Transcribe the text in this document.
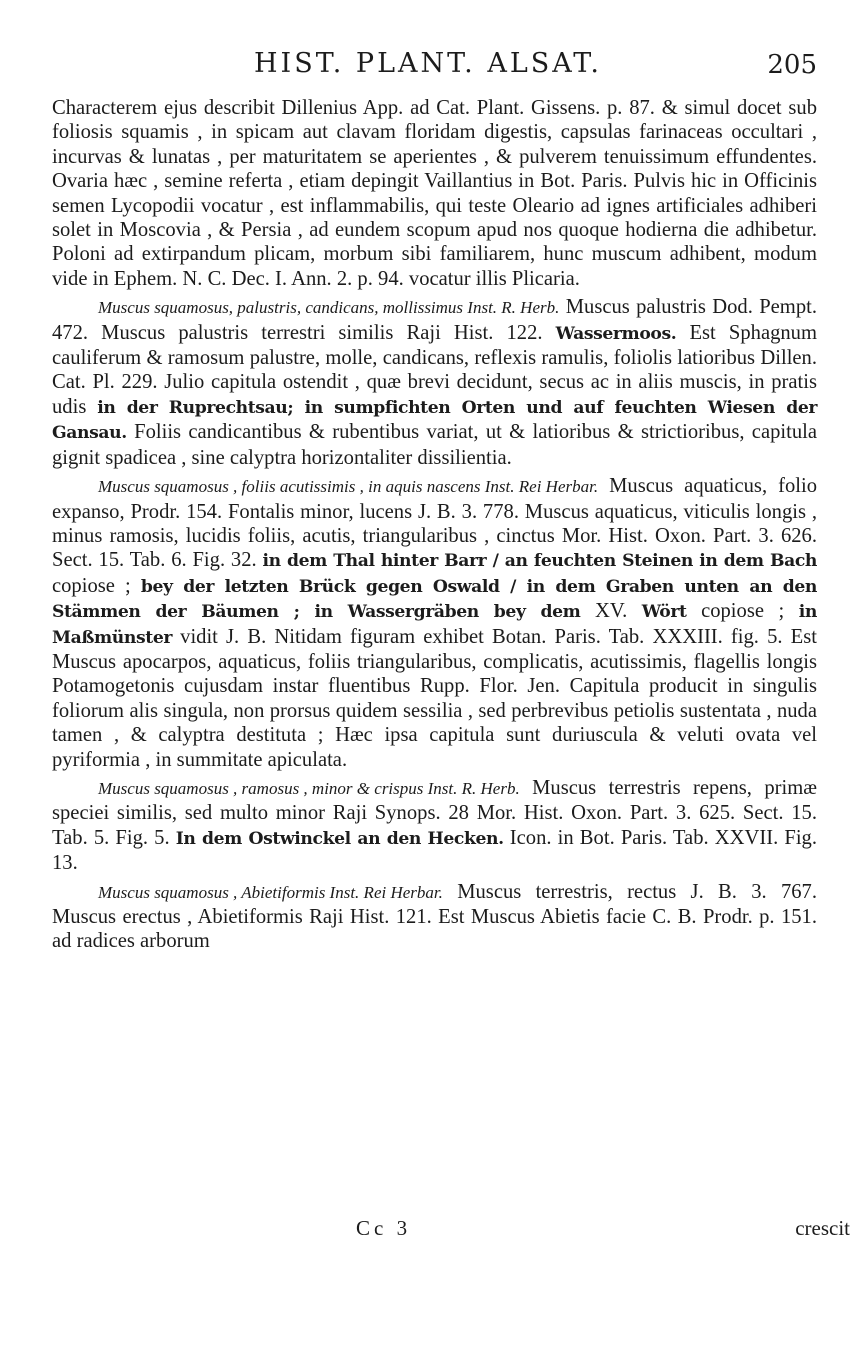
HIST. PLANT. ALSAT.	205

Characterem ejus describit Dillenius App. ad Cat. Plant. Gissens. p. 87. & simul docet sub foliosis squamis , in spicam aut clavam floridam digestis, capsulas farinaceas occultari , incurvas & lunatas , per maturitatem se aperientes , & pulverem tenuissimum effundentes. Ovaria hæc , semine referta , etiam depingit Vaillantius in Bot. Paris. Pulvis hic in Officinis semen Lycopodii vocatur , est inflammabilis, qui teste Oleario ad ignes artificiales adhiberi solet in Moscovia , & Persia , ad eundem scopum apud nos quoque hodierna die adhibetur. Poloni ad extirpandum plicam, morbum sibi familiarem, hunc muscum adhibent, modum vide in Ephem. N. C. Dec. I. Ann. 2. p. 94. vocatur illis Plicaria.

Muscus squamosus, palustris, candicans, mollissimus Inst. R. Herb. Muscus palustris Dod. Pempt. 472. Muscus palustris terrestri similis Raji Hist. 122. Wassermoos. Est Sphagnum cauliferum & ramosum palustre, molle, candicans, reflexis ramulis, foliolis latioribus Dillen. Cat. Pl. 229. Julio capitula ostendit , quæ brevi decidunt, secus ac in aliis muscis, in pratis udis in der Ruprechtsau; in sumpfichten Orten und auf feuchten Wiesen der Gansau. Foliis candicantibus & rubentibus variat, ut & latioribus & strictioribus, capitula gignit spadicea , sine calyptra horizontaliter dissilientia.

Muscus squamosus , foliis acutissimis , in aquis nascens Inst. Rei Herbar. Muscus aquaticus, folio expanso, Prodr. 154. Fontalis minor, lucens J. B. 3. 778. Muscus aquaticus, viticulis longis , minus ramosis, lucidis foliis, acutis, triangularibus , cinctus Mor. Hist. Oxon. Part. 3. 626. Sect. 15. Tab. 6. Fig. 32. in dem Thal hinter Barr / an feuchten Steinen in dem Bach copiose ; bey der letzten Brück gegen Oswald / in dem Graben unten an den Stämmen der Bäumen ; in Wassergräben bey dem XV. Wört copiose ; in Maßmünster vidit J. B. Nitidam figuram exhibet Botan. Paris. Tab. XXXIII. fig. 5. Est Muscus apocarpos, aquaticus, foliis triangularibus, complicatis, acutissimis, flagellis longis Potamogetonis cujusdam instar fluentibus Rupp. Flor. Jen. Capitula producit in singulis foliorum alis singula, non prorsus quidem sessilia , sed perbrevibus petiolis sustentata , nuda tamen , & calyptra destituta ; Hæc ipsa capitula sunt duriuscula & veluti ovata vel pyriformia , in summitate apiculata.

Muscus squamosus , ramosus , minor & crispus Inst. R. Herb. Muscus terrestris repens, primæ speciei similis, sed multo minor Raji Synops. 28 Mor. Hist. Oxon. Part. 3. 625. Sect. 15. Tab. 5. Fig. 5. In dem Ostwinckel an den Hecken. Icon. in Bot. Paris. Tab. XXVII. Fig. 13.

Muscus squamosus , Abietiformis Inst. Rei Herbar. Muscus terrestris, rectus J. B. 3. 767. Muscus erectus , Abietiformis Raji Hist. 121. Est Muscus Abietis facie C. B. Prodr. p. 151. ad radices arborum

Cc 3	crescit
